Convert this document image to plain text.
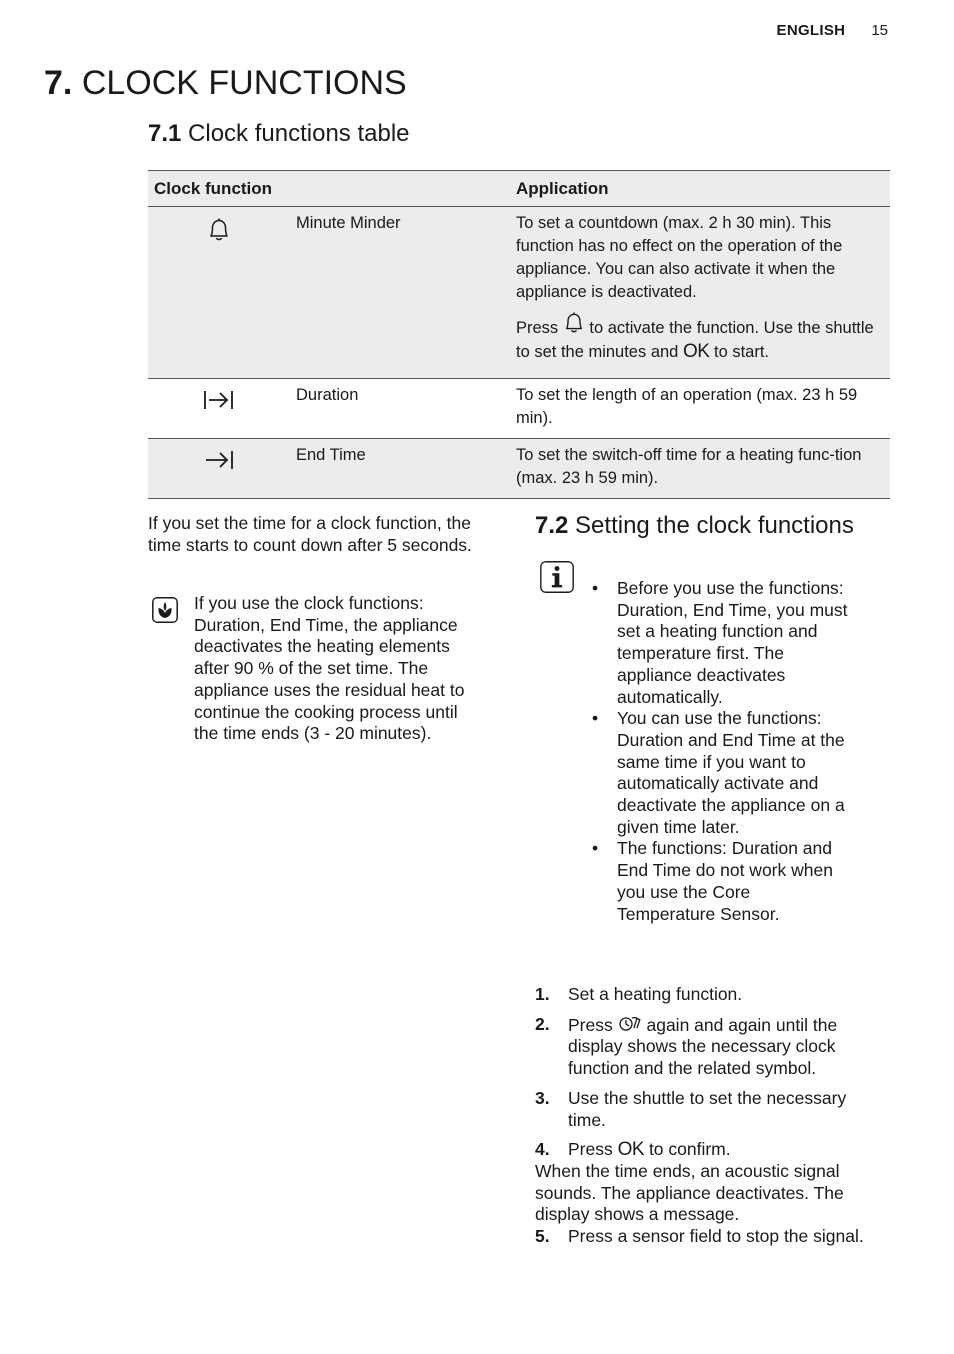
ENGLISH 15
7. CLOCK FUNCTIONS
7.1 Clock functions table
Clock function		Application
	Minute Minder	To set a countdown (max. 2 h 30 min). This function has no effect on the operation of the appliance. You can also activate it when the appliance is deactivated.

Press to activate the function. Use the shuttle to set the minutes and OK to start.

	Duration	To set the length of an operation (max. 23 h 59 min).
	End Time	To set the switch-off time for a heating func-tion (max. 23 h 59 min).

If you set the time for a clock function, the time starts to count down after 5 seconds.

If you use the clock functions: Duration, End Time, the appliance deactivates the heating elements after 90 % of the set time. The appliance uses the residual heat to continue the cooking process until the time ends (3 - 20 minutes).
7.2 Setting the clock functions
• Before you use the functions: Duration, End Time, you must set a heating function and temperature first. The appliance deactivates automatically.
• You can use the functions: Duration and End Time at the same time if you want to automatically activate and deactivate the appliance on a given time later.
• The functions: Duration and End Time do not work when you use the Core Temperature Sensor.
1. Set a heating function.
2. Press again and again until the display shows the necessary clock function and the related symbol.
3. Use the shuttle to set the necessary time.
4. Press OK to confirm.

When the time ends, an acoustic signal sounds. The appliance deactivates. The display shows a message.

5. Press a sensor field to stop the signal.
